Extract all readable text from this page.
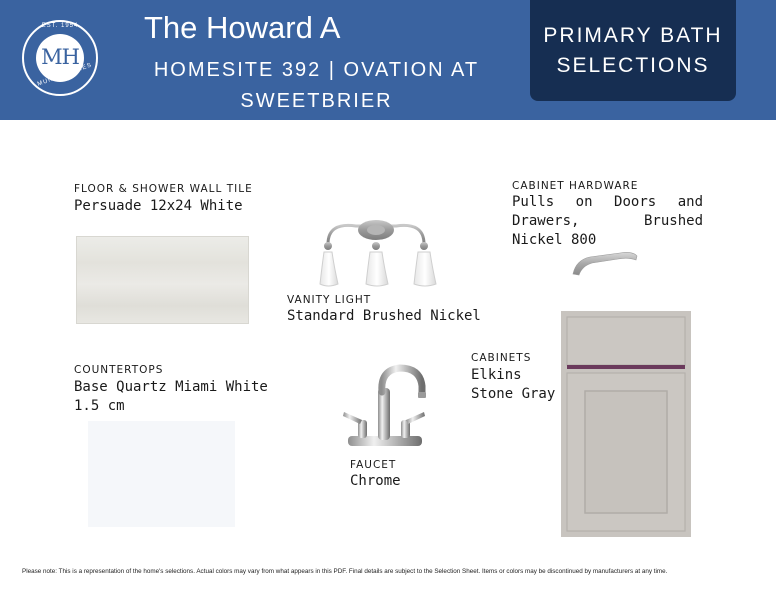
EST. 1954
MH
MUNGO HOMES
The Howard A
HOMESITE 392 | OVATION AT SWEETBRIER
PRIMARY BATH SELECTIONS
FLOOR & SHOWER WALL TILE
Persuade 12x24 White
VANITY LIGHT
Standard Brushed Nickel
CABINET HARDWARE
Pulls on Doors and Drawers, Brushed Nickel 800
COUNTERTOPS
Base Quartz Miami White 1.5 cm
FAUCET
Chrome
CABINETS
Elkins Stone Gray
Please note: This is a representation of the home's selections. Actual colors may vary from what appears in this PDF. Final details are subject to the Selection Sheet. Items or colors may be discontinued by manufacturers at any time.
